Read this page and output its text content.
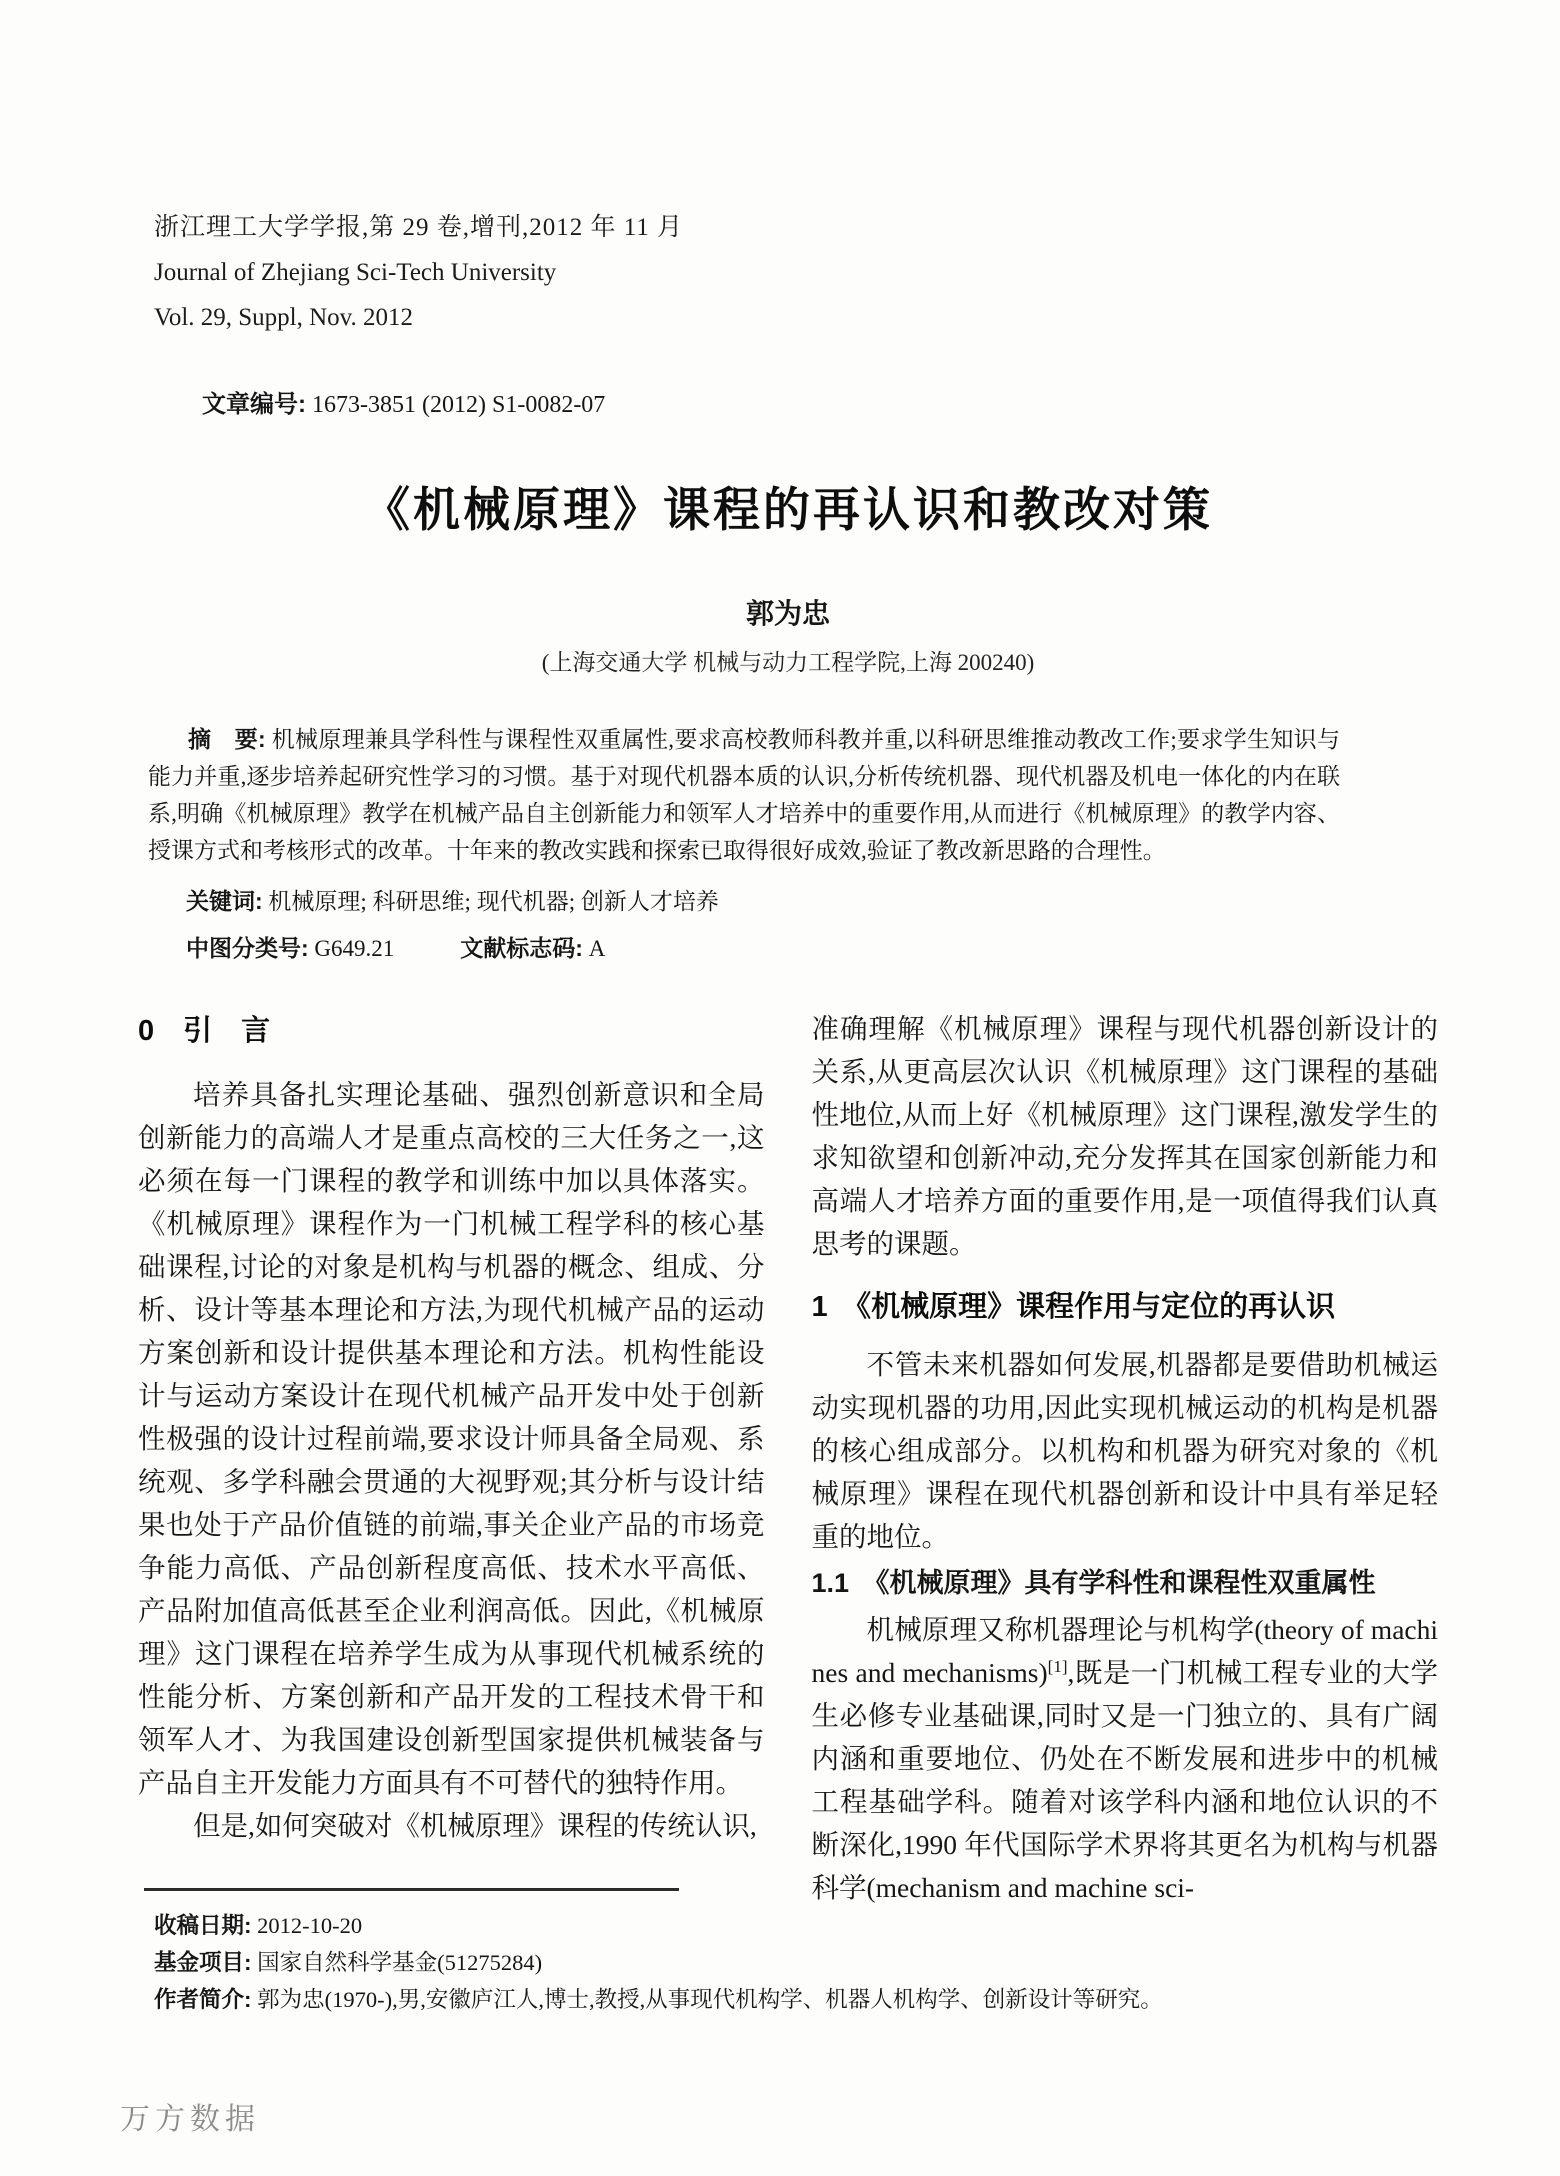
浙江理工大学学报,第 29 卷,增刊,2012 年 11 月
Journal of Zhejiang Sci-Tech University
Vol. 29, Suppl, Nov. 2012
文章编号: 1673-3851 (2012) S1-0082-07
《机械原理》课程的再认识和教改对策
郭为忠
(上海交通大学 机械与动力工程学院,上海 200240)
摘　要: 机械原理兼具学科性与课程性双重属性,要求高校教师科教并重,以科研思维推动教改工作;要求学生知识与能力并重,逐步培养起研究性学习的习惯。基于对现代机器本质的认识,分析传统机器、现代机器及机电一体化的内在联系,明确《机械原理》教学在机械产品自主创新能力和领军人才培养中的重要作用,从而进行《机械原理》的教学内容、授课方式和考核形式的改革。十年来的教改实践和探索已取得很好成效,验证了教改新思路的合理性。
关键词: 机械原理; 科研思维; 现代机器; 创新人才培养
中图分类号: G649.21	文献标志码: A
0　引　言

培养具备扎实理论基础、强烈创新意识和全局创新能力的高端人才是重点高校的三大任务之一,这必须在每一门课程的教学和训练中加以具体落实。《机械原理》课程作为一门机械工程学科的核心基础课程,讨论的对象是机构与机器的概念、组成、分析、设计等基本理论和方法,为现代机械产品的运动方案创新和设计提供基本理论和方法。机构性能设计与运动方案设计在现代机械产品开发中处于创新性极强的设计过程前端,要求设计师具备全局观、系统观、多学科融会贯通的大视野观;其分析与设计结果也处于产品价值链的前端,事关企业产品的市场竞争能力高低、产品创新程度高低、技术水平高低、产品附加值高低甚至企业利润高低。因此,《机械原理》这门课程在培养学生成为从事现代机械系统的性能分析、方案创新和产品开发的工程技术骨干和领军人才、为我国建设创新型国家提供机械装备与产品自主开发能力方面具有不可替代的独特作用。

但是,如何突破对《机械原理》课程的传统认识,

准确理解《机械原理》课程与现代机器创新设计的关系,从更高层次认识《机械原理》这门课程的基础性地位,从而上好《机械原理》这门课程,激发学生的求知欲望和创新冲动,充分发挥其在国家创新能力和高端人才培养方面的重要作用,是一项值得我们认真思考的课题。

1　《机械原理》课程作用与定位的再认识

不管未来机器如何发展,机器都是要借助机械运动实现机器的功用,因此实现机械运动的机构是机器的核心组成部分。以机构和机器为研究对象的《机械原理》课程在现代机器创新和设计中具有举足轻重的地位。

1.1　《机械原理》具有学科性和课程性双重属性

机械原理又称机器理论与机构学(theory of machines and mechanisms)[1],既是一门机械工程专业的大学生必修专业基础课,同时又是一门独立的、具有广阔内涵和重要地位、仍处在不断发展和进步中的机械工程基础学科。随着对该学科内涵和地位认识的不断深化,1990 年代国际学术界将其更名为机构与机器科学(mechanism and machine sci-

收稿日期: 2012-10-20
基金项目: 国家自然科学基金(51275284)
作者简介: 郭为忠(1970-),男,安徽庐江人,博士,教授,从事现代机构学、机器人机构学、创新设计等研究。
万方数据
